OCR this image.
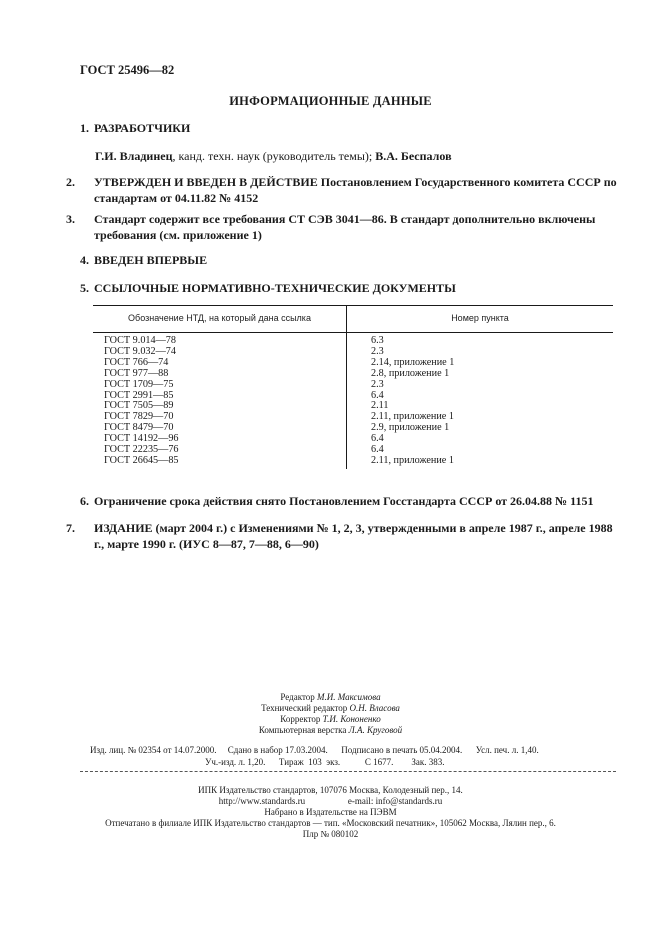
ГОСТ 25496—82
ИНФОРМАЦИОННЫЕ ДАННЫЕ
1. РАЗРАБОТЧИКИ
Г.И. Владинец, канд. техн. наук (руководитель темы); В.А. Беспалов
2. УТВЕРЖДЕН И ВВЕДЕН В ДЕЙСТВИЕ Постановлением Государственного комитета СССР по стандартам от 04.11.82 № 4152
3. Стандарт содержит все требования СТ СЭВ 3041—86. В стандарт дополнительно включены требования (см. приложение 1)
4. ВВЕДЕН ВПЕРВЫЕ
5. ССЫЛОЧНЫЕ НОРМАТИВНО-ТЕХНИЧЕСКИЕ ДОКУМЕНТЫ
Обозначение НТД, на который дана ссылка	Номер пункта
ГОСТ 9.014—78
ГОСТ 9.032—74
ГОСТ 766—74
ГОСТ 977—88
ГОСТ 1709—75
ГОСТ 2991—85
ГОСТ 7505—89
ГОСТ 7829—70
ГОСТ 8479—70
ГОСТ 14192—96
ГОСТ 22235—76
ГОСТ 26645—85
6.3
2.3
2.14, приложение 1
2.8, приложение 1
2.3
6.4
2.11
2.11, приложение 1
2.9, приложение 1
6.4
6.4
2.11, приложение 1
6. Ограничение срока действия снято Постановлением Госстандарта СССР от 26.04.88 № 1151
7. ИЗДАНИЕ (март 2004 г.) с Изменениями № 1, 2, 3, утвержденными в апреле 1987 г., апреле 1988 г., марте 1990 г. (ИУС 8—87, 7—88, 6—90)
Редактор М.И. Максимова
Технический редактор О.Н. Власова
Корректор Т.И. Кононенко
Компьютерная верстка Л.А. Круговой
Изд. лиц. № 02354 от 14.07.2000.     Сдано в набор 17.03.2004.      Подписано в печать 05.04.2004.      Усл. печ. л. 1,40.
Уч.-изд. л. 1,20.      Тираж  103  экз.           С 1677.        Зак. 383.
ИПК Издательство стандартов, 107076 Москва, Колодезный пер., 14.
http://www.standards.ru                   e-mail: info@standards.ru
Набрано в Издательстве на ПЭВМ
Отпечатано в филиале ИПК Издательство стандартов — тип. «Московский печатник», 105062 Москва, Лялин пер., 6.
Плр № 080102
